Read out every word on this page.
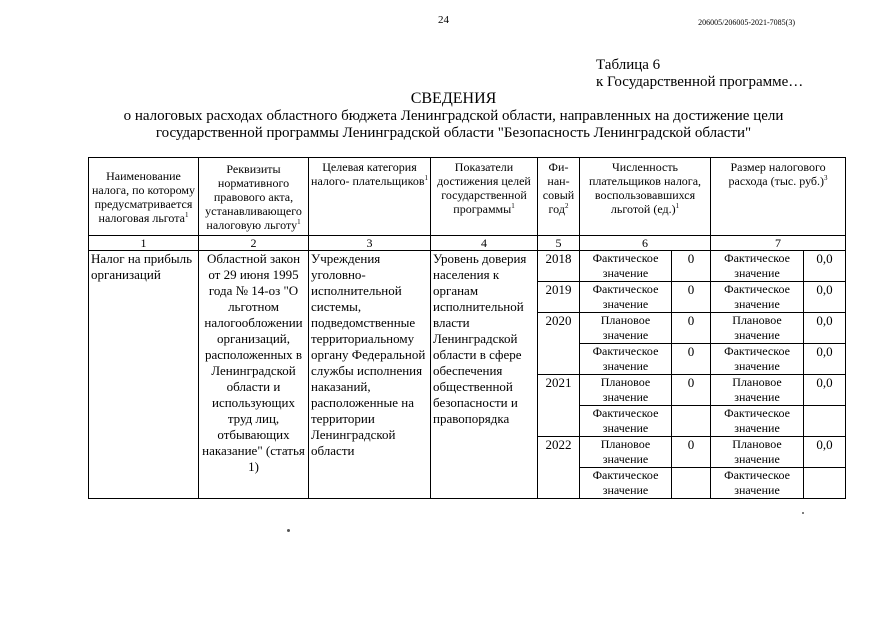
24	206005/206005-2021-7085(3)
Таблица 6
к Государственной программе…
СВЕДЕНИЯ
о налоговых расходах областного бюджета Ленинградской области, направленных на достижение цели
государственной программы Ленинградской области "Безопасность Ленинградской области"
Наименование налога, по которому предусматривается налоговая льгота$^1$	Реквизиты нормативного правового акта, устанавливающего налоговую льготу$^1$	Целевая категория налого- плательщиков$^1$	Показатели достижения целей государственной программы$^1$	Фи- нан- совый год$^2$	Численность плательщиков налога, воспользовавшихся льготой $(ед.)^1$		Размер налогового расхода (тыс. руб.)$^3$
1	2	3	4	5	6		7	
Налог на прибыль организаций	Областной закон от 29 июня 1995 года № 14-оз "О льготном налогообложении организаций, расположенных в Ленинградской области и использующих труд лиц, отбывающих наказание" (статья 1)	Учреждения уголовно-исполнительной системы, подведомственные территориальному органу Федеральной службы исполнения наказаний, расположенные на территории Ленинградской области	Уровень доверия населения к органам исполнительной власти Ленинградской области в сфере обеспечения общественной безопасности и правопорядка	2018	Фактическое значение	0	Фактическое значение	0,0
				2019	Фактическое значение	0	Фактическое значение	0,0
				2020	Плановое значение	0	Плановое значение	0,0
					Фактическое значение	0	Фактическое значение	0,0
				2021	Плановое значение	0	Плановое значение	0,0
					Фактическое значение		Фактическое значение	
				2022	Плановое значение	0	Плановое значение	0,0
					Фактическое значение		Фактическое значение	
